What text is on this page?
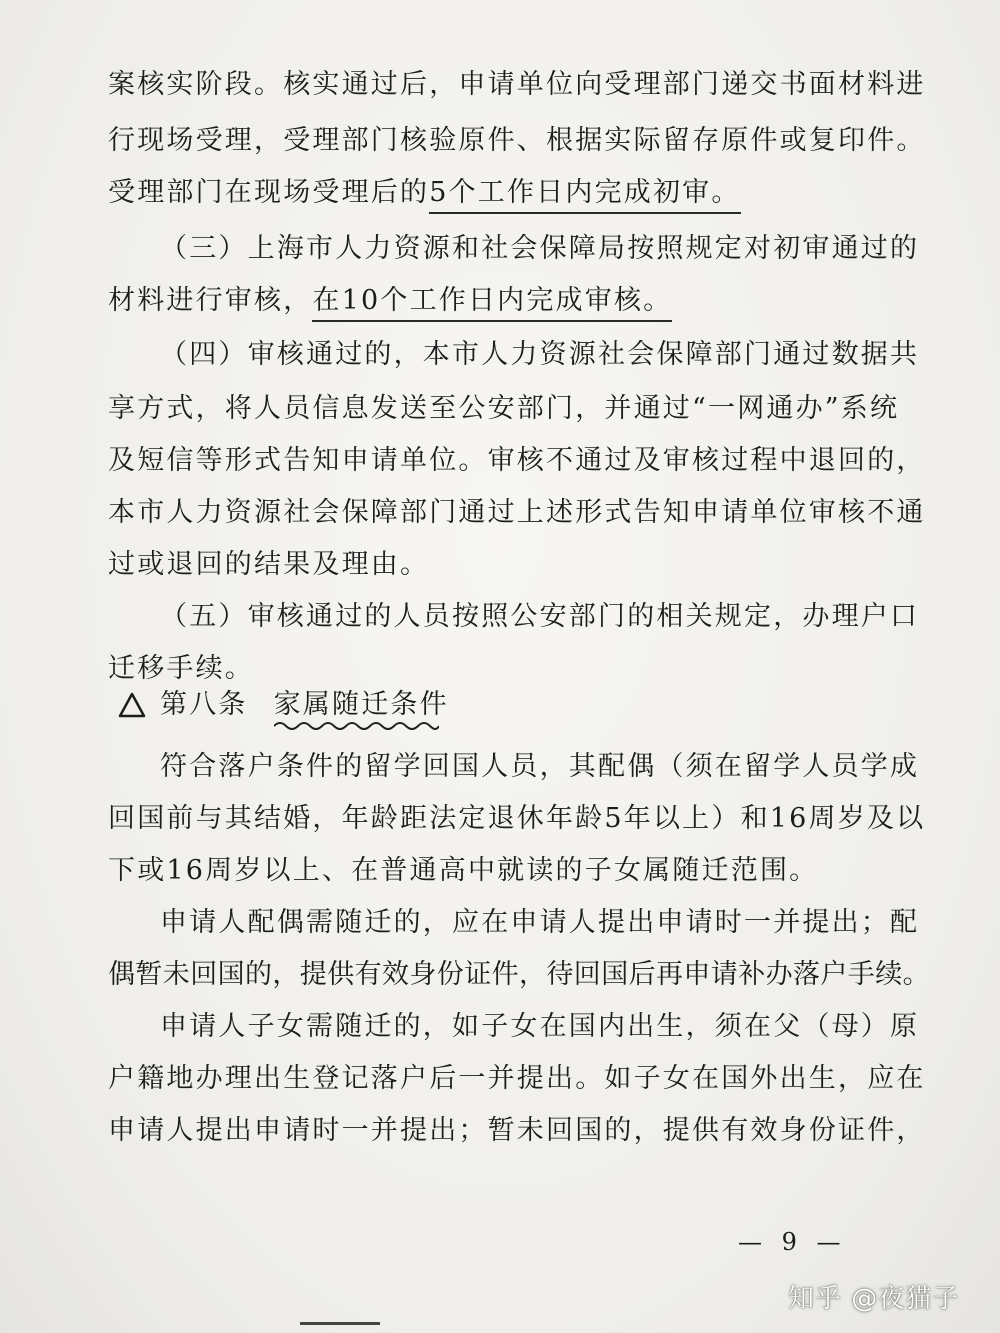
案核实阶段。核实通过后，申请单位向受理部门递交书面材料进
行现场受理，受理部门核验原件、根据实际留存原件或复印件。
受理部门在现场受理后的5个工作日内完成初审。
（三）上海市人力资源和社会保障局按照规定对初审通过的
材料进行审核，在10个工作日内完成审核。
（四）审核通过的，本市人力资源社会保障部门通过数据共
享方式，将人员信息发送至公安部门，并通过“一网通办”系统
及短信等形式告知申请单位。审核不通过及审核过程中退回的，
本市人力资源社会保障部门通过上述形式告知申请单位审核不通
过或退回的结果及理由。
（五）审核通过的人员按照公安部门的相关规定，办理户口
迁移手续。
第八条 家属随迁条件
符合落户条件的留学回国人员，其配偶（须在留学人员学成
回国前与其结婚，年龄距法定退休年龄5年以上）和16周岁及以
下或16周岁以上、在普通高中就读的子女属随迁范围。
申请人配偶需随迁的，应在申请人提出申请时一并提出；配
偶暂未回国的，提供有效身份证件，待回国后再申请补办落户手续。
申请人子女需随迁的，如子女在国内出生，须在父（母）原
户籍地办理出生登记落户后一并提出。如子女在国外出生，应在
申请人提出申请时一并提出；暂未回国的，提供有效身份证件，
— 9 —
知乎 @夜猫子
